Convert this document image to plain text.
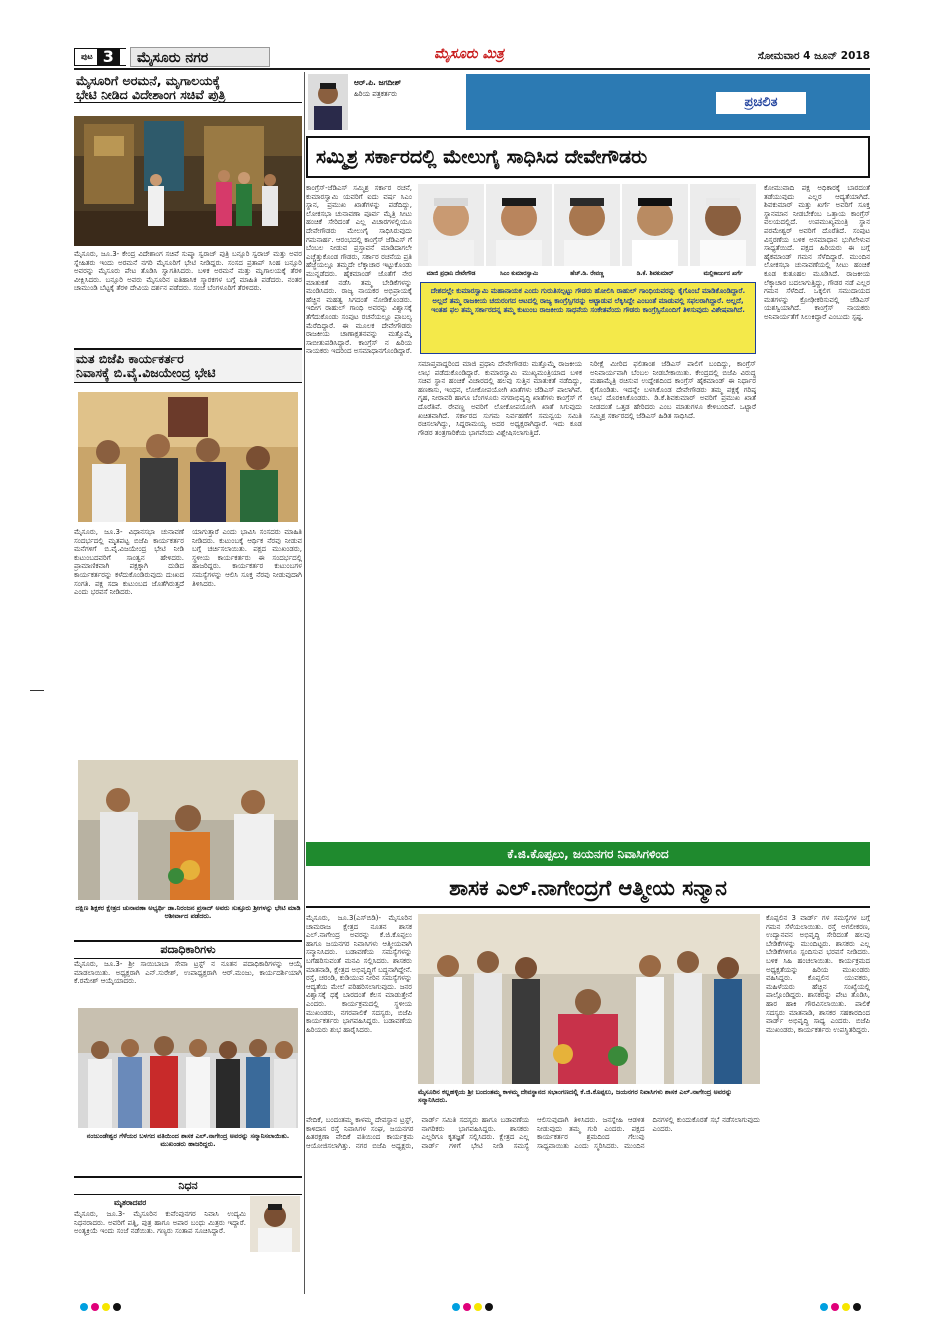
ಪುಟ 3	ಮೈಸೂರು ನಗರ	ಮೈಸೂರು ಮಿತ್ರ	ಸೋಮವಾರ 4 ಜೂನ್ 2018
ಮೈಸೂರಿಗೆ ಅರಮನೆ, ಮೃಗಾಲಯಕ್ಕೆ
ಭೇಟಿ ನೀಡಿದ ವಿದೇಶಾಂಗ ಸಚಿವೆ ಪುತ್ರಿ
ಮೈಸೂರು, ಜೂ.3- ಕೇಂದ್ರ ವಿದೇಶಾಂಗ ಸಚಿವೆ ಸುಷ್ಮಾ ಸ್ವರಾಜ್ ಪುತ್ರಿ ಬನ್ಸೂರಿ ಸ್ವರಾಜ್ ಮತ್ತು ಅವರ ಸ್ನೇಹಿತರು ಇಂದು ಅರಮನೆ ನಗರಿ ಮೈಸೂರಿಗೆ ಭೇಟಿ ನೀಡಿದ್ದರು. ಸಂಸದ ಪ್ರತಾಪ್ ಸಿಂಹ ಬನ್ಸೂರಿ ಅವರನ್ನು ಮೈಸೂರು ಪೇಟ ತೊಡಿಸಿ ಸ್ವಾಗತಿಸಿದರು. ಬಳಿಕ ಅರಮನೆ ಮತ್ತು ಮೃಗಾಲಯಕ್ಕೆ ತೆರಳಿ ವೀಕ್ಷಿಸಿದರು. ಬನ್ಸೂರಿ ಅವರು ಮೈಸೂರಿನ ಐತಿಹಾಸಿಕ ಸ್ಮಾರಕಗಳ ಬಗ್ಗೆ ಮಾಹಿತಿ ಪಡೆದರು. ನಂತರ ಚಾಮುಂಡಿ ಬೆಟ್ಟಕ್ಕೆ ತೆರಳಿ ದೇವಿಯ ದರ್ಶನ ಪಡೆದರು. ಸಂಜೆ ಬೆಂಗಳೂರಿಗೆ ತೆರಳಿದರು.
ಮತ ಬಿಜೆಪಿ ಕಾರ್ಯಕರ್ತರ
ನಿವಾಸಕ್ಕೆ ಬಿ.ವೈ.ವಿಜಯೇಂದ್ರ ಭೇಟಿ
ಮೈಸೂರು, ಜೂ.3- ವಿಧಾನಸಭಾ ಚುನಾವಣೆ ಸಂದರ್ಭದಲ್ಲಿ ಮೃತಪಟ್ಟ ಬಿಜೆಪಿ ಕಾರ್ಯಕರ್ತರ ಮನೆಗಳಿಗೆ ಬಿ.ವೈ.ವಿಜಯೇಂದ್ರ ಭೇಟಿ ನೀಡಿ ಕುಟುಂಬದವರಿಗೆ ಸಾಂತ್ವನ ಹೇಳಿದರು. ಪ್ರಾಮಾಣಿಕವಾಗಿ ಪಕ್ಷಕ್ಕಾಗಿ ದುಡಿದ ಕಾರ್ಯಕರ್ತರನ್ನು ಕಳೆದುಕೊಂಡಿರುವುದು ದುಃಖದ ಸಂಗತಿ. ಪಕ್ಷ ಸದಾ ಕುಟುಂಬದ ಜೊತೆಗಿರುತ್ತದೆ ಎಂದು ಭರವಸೆ ನೀಡಿದರು.
ಯಾಗುತ್ತಾರೆ ಎಂದು ಭಾವಿಸಿ ಸಂಸದರು ಮಾಹಿತಿ ನೀಡಿದರು. ಕುಟುಂಬಕ್ಕೆ ಆರ್ಥಿಕ ನೆರವು ನೀಡುವ ಬಗ್ಗೆ ಚರ್ಚಿಸಲಾಯಿತು. ಪಕ್ಷದ ಮುಖಂಡರು, ಸ್ಥಳೀಯ ಕಾರ್ಯಕರ್ತರು ಈ ಸಂದರ್ಭದಲ್ಲಿ ಹಾಜರಿದ್ದರು. ಕಾರ್ಯಕರ್ತರ ಕುಟುಂಬಗಳ ಸಮಸ್ಯೆಗಳನ್ನು ಆಲಿಸಿ ಸೂಕ್ತ ನೆರವು ನೀಡುವುದಾಗಿ ತಿಳಿಸಿದರು.
ದಕ್ಷಿಣ ಶಿಕ್ಷಕರ ಕ್ಷೇತ್ರದ ಚುನಾವಣಾ ಅಭ್ಯರ್ಥಿ ಡಾ.ನಿರಂಜನ ಪ್ರಸಾದ್ ಅವರು ಸುತ್ತೂರು ಶ್ರೀಗಳನ್ನು ಭೇಟಿ ಮಾಡಿ ಆಶೀರ್ವಾದ ಪಡೆದರು.
ಪದಾಧಿಕಾರಿಗಳು
ಮೈಸೂರು, ಜೂ.3- ಶ್ರೀ ಸಾಯಿಬಾಬಾ ಸೇವಾ ಟ್ರಸ್ಟ್ ನ ನೂತನ ಪದಾಧಿಕಾರಿಗಳನ್ನು ಆಯ್ಕೆ ಮಾಡಲಾಯಿತು. ಅಧ್ಯಕ್ಷರಾಗಿ ಎನ್.ಸುರೇಶ್, ಉಪಾಧ್ಯಕ್ಷರಾಗಿ ಆರ್.ಮಂಜು, ಕಾರ್ಯದರ್ಶಿಯಾಗಿ ಕೆ.ರಮೇಶ್ ಆಯ್ಕೆಯಾದರು.
ನಂಜುಂಡೇಶ್ವರ ಗೆಳೆಯರ ಬಳಗದ ವತಿಯಿಂದ ಶಾಸಕ ಎಲ್.ನಾಗೇಂದ್ರ ಅವರನ್ನು ಸನ್ಮಾನಿಸಲಾಯಿತು. ಮುಖಂಡರು ಹಾಜರಿದ್ದರು.
ನಿಧನ
ಮೃತರಾದವರ
ಮೈಸೂರು, ಜೂ.3- ಮೈಸೂರಿನ ಕುವೆಂಪುನಗರ ನಿವಾಸಿ ಉದ್ಯಮಿ ನಿಧನರಾದರು. ಅವರಿಗೆ ಪತ್ನಿ, ಪುತ್ರ ಹಾಗೂ ಅಪಾರ ಬಂಧು ಮಿತ್ರರು ಇದ್ದಾರೆ. ಅಂತ್ಯಕ್ರಿಯೆ ಇಂದು ಸಂಜೆ ನಡೆಯಿತು. ಗಣ್ಯರು ಸಂತಾಪ ಸೂಚಿಸಿದ್ದಾರೆ.
ಆರ್.ಪಿ. ಜಗದೀಶ್
ಹಿರಿಯ ಪತ್ರಕರ್ತರು
ಪ್ರಚಲಿತ
ಸಮ್ಮಿಶ್ರ ಸರ್ಕಾರದಲ್ಲಿ ಮೇಲುಗೈ ಸಾಧಿಸಿದ ದೇವೇಗೌಡರು
ಕಾಂಗ್ರೆಸ್-ಜೆಡಿಎಸ್ ಸಮ್ಮಿಶ್ರ ಸರ್ಕಾರ ರಚನೆ, ಕುಮಾರಸ್ವಾಮಿ ಯವರಿಗೆ ಐದು ವರ್ಷ ಸಿಎಂ ಸ್ಥಾನ, ಪ್ರಮುಖ ಖಾತೆಗಳನ್ನು ಪಡೆದಿದ್ದು, ಲೋಕಸಭಾ ಚುನಾವಣಾ ಪೂರ್ವ ಮೈತ್ರಿ ಸೀಟು ಹಂಚಿಕೆ ಸೇರಿದಂತೆ ಎಲ್ಲ ವಿಚಾರಗಳಲ್ಲಿಯೂ ದೇವೇಗೌಡರು ಮೇಲುಗೈ ಸಾಧಿಸಿರುವುದು ಗಮನಾರ್ಹ. ಆರಂಭದಲ್ಲಿ ಕಾಂಗ್ರೆಸ್ ಜೆಡಿಎಸ್ ಗೆ ಬೆಂಬಲ ನೀಡುವ ಪ್ರಸ್ತಾವನೆ ಮಾಡಿದಾಗಲೇ ಎಚ್ಚೆತ್ತುಕೊಂಡ ಗೌಡರು, ಸರ್ಕಾರ ರಚನೆಯ ಪ್ರತಿ ಹೆಜ್ಜೆಯಲ್ಲೂ ತಮ್ಮದೇ ಲೆಕ್ಕಾಚಾರ ಇಟ್ಟುಕೊಂಡು ಮುನ್ನಡೆದರು. ಹೈಕಮಾಂಡ್ ಜೊತೆಗೆ ನೇರ ಮಾತುಕತೆ ನಡೆಸಿ ತಮ್ಮ ಬೇಡಿಕೆಗಳನ್ನು ಮಂಡಿಸಿದರು. ರಾಜ್ಯ ನಾಯಕರ ಅಭಿಪ್ರಾಯಕ್ಕೆ ಹೆಚ್ಚಿನ ಮಹತ್ವ ಸಿಗದಂತೆ ನೋಡಿಕೊಂಡರು. ಇದೀಗ ರಾಹುಲ್ ಗಾಂಧಿ ಅವರನ್ನು ವಿಶ್ವಾಸಕ್ಕೆ ತೆಗೆದುಕೊಂಡು ಸಂಪುಟ ರಚನೆಯಲ್ಲೂ ಪ್ರಾಬಲ್ಯ ಮೆರೆದಿದ್ದಾರೆ. ಈ ಮೂಲಕ ದೇವೇಗೌಡರು ರಾಜಕೀಯ ಚಾಣಾಕ್ಷತನವನ್ನು ಮತ್ತೊಮ್ಮೆ ಸಾಬೀತುಪಡಿಸಿದ್ದಾರೆ. ಕಾಂಗ್ರೆಸ್ ನ ಹಿರಿಯ ನಾಯಕರು ಇದರಿಂದ ಅಸಮಾಧಾನಗೊಂಡಿದ್ದಾರೆ.
ಮಾಜಿ ಪ್ರಧಾನಿ ದೇವೇಗೌಡ	ಸಿಎಂ ಕುಮಾರಸ್ವಾಮಿ	ಹೆಚ್.ಡಿ. ರೇವಣ್ಣ	ಡಿ.ಕೆ. ಶಿವಕುಮಾರ್	ಮಲ್ಲಿಕಾರ್ಜುನ ಖರ್ಗೆ
ದೇಶದಲ್ಲೇ ಕುಮಾರಸ್ವಾಮಿ ಮಹಾನಾಯಕ ಎಂದು ಗುರುತಿಸಲ್ಪಟ್ಟು ಗೌಡರು ಹೋಲಿಸಿ ರಾಹುಲ್ ಗಾಂಧಿಯವರನ್ನು ಕೈಗೊಂಬೆ ಮಾಡಿಕೊಂಡಿದ್ದಾರೆ. ಅಲ್ಲದೆ ತಮ್ಮ ರಾಜಕೀಯ ಚದುರಂಗದ ಆಟದಲ್ಲಿ ರಾಜ್ಯ ಕಾಂಗ್ರೆಸ್ಸಿಗರನ್ನು ಅಟ್ಟಾಡುವ ಲೆಕ್ಕಿಸಿದ್ದೇ ಎಂಬಂತೆ ಮಾಡುವಲ್ಲಿ ಸಫಲರಾಗಿದ್ದಾರೆ. ಅಲ್ಲದೆ, ಇಂತಹ ಫಲ ತಮ್ಮ ಸರ್ಕಾರದನ್ನ ತಮ್ಮ ಕುಟುಂಬ ರಾಜಕೀಯ ಸಾಧನೆಯ ಸಂಕೇತವೆಂದು ಗೌಡರು ಕಾಂಗ್ರೆಸ್ಸಿನೊಂದಿಗೆ ತಿಳಿಸುವುದು ವಿಶೇಷವಾಗಿದೆ.
ಸಮಾಪ್ತವಾದ್ದರಿಂದ ಮಾಜಿ ಪ್ರಧಾನಿ ದೇವೇಗೌಡರು ಮತ್ತೊಮ್ಮೆ ರಾಜಕೀಯ ಲಾಭ ಪಡೆದುಕೊಂಡಿದ್ದಾರೆ. ಕುಮಾರಸ್ವಾಮಿ ಮುಖ್ಯಮಂತ್ರಿಯಾದ ಬಳಿಕ ಸಚಿವ ಸ್ಥಾನ ಹಂಚಿಕೆ ವಿಚಾರದಲ್ಲಿ ಹಲವು ಸುತ್ತಿನ ಮಾತುಕತೆ ನಡೆದಿದ್ದು, ಹಣಕಾಸು, ಇಂಧನ, ಲೋಕೋಪಯೋಗಿ ಖಾತೆಗಳು ಜೆಡಿಎಸ್ ಪಾಲಾಗಿವೆ. ಗೃಹ, ನೀರಾವರಿ ಹಾಗೂ ಬೆಂಗಳೂರು ನಗರಾಭಿವೃದ್ಧಿ ಖಾತೆಗಳು ಕಾಂಗ್ರೆಸ್ ಗೆ ದೊರೆತಿವೆ. ರೇವಣ್ಣ ಅವರಿಗೆ ಲೋಕೋಪಯೋಗಿ ಖಾತೆ ಸಿಗುವುದು ಖಚಿತವಾಗಿದೆ. ಸರ್ಕಾರದ ಸುಗಮ ನಿರ್ವಹಣೆಗೆ ಸಮನ್ವಯ ಸಮಿತಿ ರಚಿಸಲಾಗಿದ್ದು, ಸಿದ್ದರಾಮಯ್ಯ ಅದರ ಅಧ್ಯಕ್ಷರಾಗಿದ್ದಾರೆ. ಇದು ಕೂಡ ಗೌಡರ ತಂತ್ರಗಾರಿಕೆಯ ಭಾಗವೆಂದು ವಿಶ್ಲೇಷಿಸಲಾಗುತ್ತಿದೆ.
ನಿರೀಕ್ಷೆ ಮೀರಿದ ಫಲಿತಾಂಶ ಜೆಡಿಎಸ್ ಪಾಲಿಗೆ ಬಂದಿದ್ದು, ಕಾಂಗ್ರೆಸ್ ಅನಿವಾರ್ಯವಾಗಿ ಬೆಂಬಲ ನೀಡಬೇಕಾಯಿತು. ಕೇಂದ್ರದಲ್ಲಿ ಬಿಜೆಪಿ ವಿರುದ್ಧ ಮಹಾಮೈತ್ರಿ ರಚಿಸುವ ಉದ್ದೇಶದಿಂದ ಕಾಂಗ್ರೆಸ್ ಹೈಕಮಾಂಡ್ ಈ ನಿರ್ಧಾರ ಕೈಗೊಂಡಿತು. ಇದನ್ನೇ ಬಳಸಿಕೊಂಡ ದೇವೇಗೌಡರು ತಮ್ಮ ಪಕ್ಷಕ್ಕೆ ಗರಿಷ್ಠ ಲಾಭ ದೊರಕಿಸಿಕೊಂಡರು. ಡಿ.ಕೆ.ಶಿವಕುಮಾರ್ ಅವರಿಗೆ ಪ್ರಮುಖ ಖಾತೆ ನೀಡದಂತೆ ಒತ್ತಡ ಹೇರಿದರು ಎಂಬ ಮಾತುಗಳೂ ಕೇಳಿಬಂದಿವೆ. ಒಟ್ಟಾರೆ ಸಮ್ಮಿಶ್ರ ಸರ್ಕಾರದಲ್ಲಿ ಜೆಡಿಎಸ್ ಹಿಡಿತ ಸಾಧಿಸಿದೆ.
ಕೋಮುವಾದಿ ಪಕ್ಷ ಅಧಿಕಾರಕ್ಕೆ ಬಾರದಂತೆ ತಡೆಯುವುದು ಎಲ್ಲರ ಆದ್ಯತೆಯಾಗಿದೆ. ಶಿವಕುಮಾರ್ ಮತ್ತು ಖರ್ಗೆ ಅವರಿಗೆ ಸೂಕ್ತ ಸ್ಥಾನಮಾನ ನೀಡಬೇಕೆಂಬ ಒತ್ತಾಯ ಕಾಂಗ್ರೆಸ್ ವಲಯದಲ್ಲಿದೆ. ಉಪಮುಖ್ಯಮಂತ್ರಿ ಸ್ಥಾನ ಪರಮೇಶ್ವರ್ ಅವರಿಗೆ ದೊರೆತಿದೆ. ಸಂಪುಟ ವಿಸ್ತರಣೆಯ ಬಳಿಕ ಅಸಮಾಧಾನ ಭುಗಿಲೇಳುವ ಸಾಧ್ಯತೆಯಿದೆ. ಪಕ್ಷದ ಹಿರಿಯರು ಈ ಬಗ್ಗೆ ಹೈಕಮಾಂಡ್ ಗಮನ ಸೆಳೆದಿದ್ದಾರೆ. ಮುಂದಿನ ಲೋಕಸಭಾ ಚುನಾವಣೆಯಲ್ಲಿ ಸೀಟು ಹಂಚಿಕೆ ಕೂಡ ಕುತೂಹಲ ಮೂಡಿಸಿದೆ. ರಾಜಕೀಯ ಲೆಕ್ಕಾಚಾರ ಬದಲಾಗುತ್ತಿದ್ದು, ಗೌಡರ ನಡೆ ಎಲ್ಲರ ಗಮನ ಸೆಳೆದಿದೆ. ಒಕ್ಕಲಿಗ ಸಮುದಾಯದ ಮತಗಳನ್ನು ಕ್ರೋಢೀಕರಿಸುವಲ್ಲಿ ಜೆಡಿಎಸ್ ಯಶಸ್ವಿಯಾಗಿದೆ. ಕಾಂಗ್ರೆಸ್ ನಾಯಕರು ಅನಿವಾರ್ಯತೆಗೆ ಸಿಲುಕಿದ್ದಾರೆ ಎಂಬುದು ಸ್ಪಷ್ಟ.
ಕೆ.ಜಿ.ಕೊಪ್ಪಲು, ಜಯನಗರ ನಿವಾಸಿಗಳಿಂದ
ಶಾಸಕ ಎಲ್.ನಾಗೇಂದ್ರಗೆ ಆತ್ಮೀಯ ಸನ್ಮಾನ
ಮೈಸೂರು, ಜೂ.3(ಎಸ್‌ಬಿಡಿ)- ಮೈಸೂರಿನ ಚಾಮರಾಜ ಕ್ಷೇತ್ರದ ನೂತನ ಶಾಸಕ ಎಲ್.ನಾಗೇಂದ್ರ ಅವರನ್ನು ಕೆ.ಜಿ.ಕೊಪ್ಪಲು ಹಾಗೂ ಜಯನಗರ ನಿವಾಸಿಗಳು ಆತ್ಮೀಯವಾಗಿ ಸನ್ಮಾನಿಸಿದರು. ಬಡಾವಣೆಯ ಸಮಸ್ಯೆಗಳನ್ನು ಬಗೆಹರಿಸುವಂತೆ ಮನವಿ ಸಲ್ಲಿಸಿದರು. ಶಾಸಕರು ಮಾತನಾಡಿ, ಕ್ಷೇತ್ರದ ಅಭಿವೃದ್ಧಿಗೆ ಬದ್ಧನಾಗಿದ್ದೇನೆ. ರಸ್ತೆ, ಚರಂಡಿ, ಕುಡಿಯುವ ನೀರಿನ ಸಮಸ್ಯೆಗಳನ್ನು ಆದ್ಯತೆಯ ಮೇಲೆ ಪರಿಹರಿಸಲಾಗುವುದು. ಜನರ ವಿಶ್ವಾಸಕ್ಕೆ ಧಕ್ಕೆ ಬಾರದಂತೆ ಕೆಲಸ ಮಾಡುತ್ತೇನೆ ಎಂದರು. ಕಾರ್ಯಕ್ರಮದಲ್ಲಿ ಸ್ಥಳೀಯ ಮುಖಂಡರು, ನಗರಪಾಲಿಕೆ ಸದಸ್ಯರು, ಬಿಜೆಪಿ ಕಾರ್ಯಕರ್ತರು ಭಾಗವಹಿಸಿದ್ದರು. ಬಡಾವಣೆಯ ಹಿರಿಯರು ಶುಭ ಹಾರೈಸಿದರು.
ಮೈಸೂರಿನ ಕಲ್ಲಹಳ್ಳಿಯ ಶ್ರೀ ಬಂದಂತಮ್ಮ ಕಾಳಮ್ಮ ದೇವಸ್ಥಾನದ ಸಭಾಂಗಣದಲ್ಲಿ ಕೆ.ಜಿ.ಕೊಪ್ಪಲು, ಜಯನಗರ ನಿವಾಸಿಗಳು ಶಾಸಕ ಎಲ್.ನಾಗೇಂದ್ರ ಅವರನ್ನು ಸನ್ಮಾನಿಸಿದರು.
ಕೊಪ್ಪಲಿನ 3 ವಾರ್ಡ್ ಗಳ ಸಮಸ್ಯೆಗಳ ಬಗ್ಗೆ ಗಮನ ಸೆಳೆಯಲಾಯಿತು. ರಸ್ತೆ ಅಗಲೀಕರಣ, ಉದ್ಯಾನವನ ಅಭಿವೃದ್ಧಿ ಸೇರಿದಂತೆ ಹಲವು ಬೇಡಿಕೆಗಳನ್ನು ಮುಂದಿಟ್ಟರು. ಶಾಸಕರು ಎಲ್ಲ ಬೇಡಿಕೆಗಳಿಗೂ ಸ್ಪಂದಿಸುವ ಭರವಸೆ ನೀಡಿದರು. ಬಳಿಕ ಸಿಹಿ ಹಂಚಲಾಯಿತು. ಕಾರ್ಯಕ್ರಮದ ಅಧ್ಯಕ್ಷತೆಯನ್ನು ಹಿರಿಯ ಮುಖಂಡರು ವಹಿಸಿದ್ದರು. ಕೊಪ್ಪಲಿನ ಯುವಕರು, ಮಹಿಳೆಯರು ಹೆಚ್ಚಿನ ಸಂಖ್ಯೆಯಲ್ಲಿ ಪಾಲ್ಗೊಂಡಿದ್ದರು. ಶಾಸಕರನ್ನು ಪೇಟ ತೊಡಿಸಿ, ಹಾರ ಹಾಕಿ ಗೌರವಿಸಲಾಯಿತು. ಪಾಲಿಕೆ ಸದಸ್ಯರು ಮಾತನಾಡಿ, ಶಾಸಕರ ಸಹಕಾರದಿಂದ ವಾರ್ಡ್ ಅಭಿವೃದ್ಧಿ ಸಾಧ್ಯ ಎಂದರು. ಬಿಜೆಪಿ ಮುಖಂಡರು, ಕಾರ್ಯಕರ್ತರು ಉಪಸ್ಥಿತರಿದ್ದರು.
ವೇದಿಕೆ, ಬಂದಂತಮ್ಮ ಕಾಳಮ್ಮ ದೇವಸ್ಥಾನ ಟ್ರಸ್ಟ್, ಕಾಳಿದಾಸ ರಸ್ತೆ ನಿವಾಸಿಗಳ ಸಂಘ, ಜಯನಗರ ಹಿತರಕ್ಷಣಾ ವೇದಿಕೆ ವತಿಯಿಂದ ಕಾರ್ಯಕ್ರಮ ಆಯೋಜಿಸಲಾಗಿತ್ತು. ನಗರ ಬಿಜೆಪಿ ಅಧ್ಯಕ್ಷರು, ವಾರ್ಡ್ ಸಮಿತಿ ಸದಸ್ಯರು ಹಾಗೂ ಬಡಾವಣೆಯ ನಾಗರಿಕರು ಭಾಗವಹಿಸಿದ್ದರು. ಶಾಸಕರು ಎಲ್ಲರಿಗೂ ಕೃತಜ್ಞತೆ ಸಲ್ಲಿಸಿದರು. ಕ್ಷೇತ್ರದ ಎಲ್ಲ ವಾರ್ಡ್ ಗಳಿಗೆ ಭೇಟಿ ನೀಡಿ ಸಮಸ್ಯೆ ಆಲಿಸುವುದಾಗಿ ತಿಳಿಸಿದರು. ಜನಸ್ನೇಹಿ ಆಡಳಿತ ನೀಡುವುದು ತಮ್ಮ ಗುರಿ ಎಂದರು. ಪಕ್ಷದ ಕಾರ್ಯಕರ್ತರ ಶ್ರಮದಿಂದ ಗೆಲುವು ಸಾಧ್ಯವಾಯಿತು ಎಂದು ಸ್ಮರಿಸಿದರು. ಮುಂದಿನ ದಿನಗಳಲ್ಲಿ ಕುಂದುಕೊರತೆ ಸಭೆ ನಡೆಸಲಾಗುವುದು ಎಂದರು.
